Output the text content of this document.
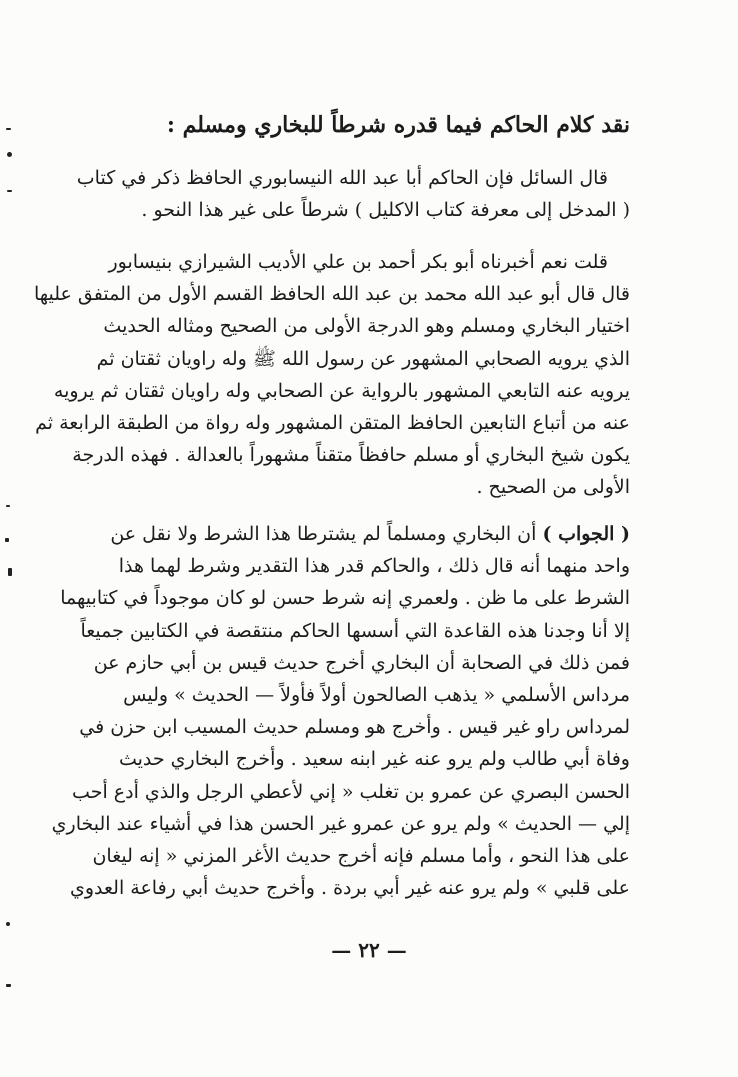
نقد كلام الحاكم فيما قدره شرطاً للبخاري ومسلم :
قال السائل فإن الحاكم أبا عبد الله النيسابوري الحافظ ذكر في كتاب
( المدخل إلى معرفة كتاب الاكليل ) شرطاً على غير هذا النحو .
قلت نعم أخبرناه أبو بكر أحمد بن علي الأديب الشيرازي بنيسابور
قال قال أبو عبد الله محمد بن عبد الله الحافظ القسم الأول من المتفق عليها
اختيار البخاري ومسلم وهو الدرجة الأولى من الصحيح ومثاله الحديث
الذي يرويه الصحابي المشهور عن رسول الله ﷺ وله راويان ثقتان ثم
يرويه عنه التابعي المشهور بالرواية عن الصحابي وله راويان ثقتان ثم يرويه
عنه من أتباع التابعين الحافظ المتقن المشهور وله رواة من الطبقة الرابعة ثم
يكون شيخ البخاري أو مسلم حافظاً متقناً مشهوراً بالعدالة . فهذه الدرجة
الأولى من الصحيح .
( الجواب ) أن البخاري ومسلماً لم يشترطا هذا الشرط ولا نقل عن
واحد منهما أنه قال ذلك ، والحاكم قدر هذا التقدير وشرط لهما هذا
الشرط على ما ظن . ولعمري إنه شرط حسن لو كان موجوداً في كتابيهما
إلا أنا وجدنا هذه القاعدة التي أسسها الحاكم منتقصة في الكتابين جميعاً
فمن ذلك في الصحابة أن البخاري أخرج حديث قيس بن أبي حازم عن
مرداس الأسلمي « يذهب الصالحون أولاً فأولاً — الحديث » وليس
لمرداس راو غير قيس . وأخرج هو ومسلم حديث المسيب ابن حزن في
وفاة أبي طالب ولم يرو عنه غير ابنه سعيد . وأخرج البخاري حديث
الحسن البصري عن عمرو بن تغلب « إني لأعطي الرجل والذي أدع أحب
إلي — الحديث » ولم يرو عن عمرو غير الحسن هذا في أشياء عند البخاري
على هذا النحو ، وأما مسلم فإنه أخرج حديث الأغر المزني « إنه ليغان
على قلبي » ولم يرو عنه غير أبي بردة . وأخرج حديث أبي رفاعة العدوي
— ٢٢ —
